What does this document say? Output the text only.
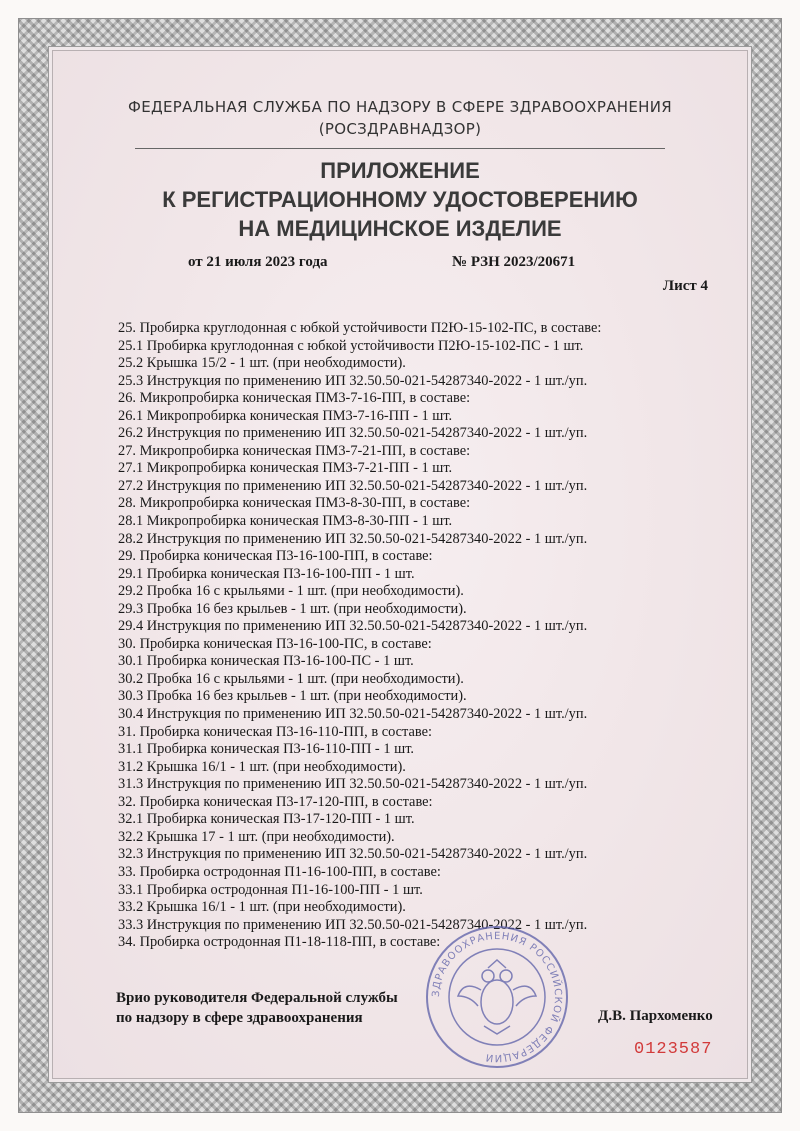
ФЕДЕРАЛЬНАЯ СЛУЖБА ПО НАДЗОРУ В СФЕРЕ ЗДРАВООХРАНЕНИЯ
(РОСЗДРАВНАДЗОР)
ПРИЛОЖЕНИЕ
К РЕГИСТРАЦИОННОМУ УДОСТОВЕРЕНИЮ
НА МЕДИЦИНСКОЕ ИЗДЕЛИЕ
от 21 июля 2023 года	№ РЗН 2023/20671
Лист 4
25. Пробирка круглодонная с юбкой устойчивости П2Ю-15-102-ПС, в составе:
25.1 Пробирка круглодонная с юбкой устойчивости П2Ю-15-102-ПС - 1 шт.
25.2 Крышка 15/2 - 1 шт. (при необходимости).
25.3 Инструкция по применению ИП 32.50.50-021-54287340-2022 - 1 шт./уп.
26. Микропробирка коническая ПМ3-7-16-ПП, в составе:
26.1 Микропробирка коническая ПМ3-7-16-ПП - 1 шт.
26.2 Инструкция по применению ИП 32.50.50-021-54287340-2022 - 1 шт./уп.
27. Микропробирка коническая ПМ3-7-21-ПП, в составе:
27.1 Микропробирка коническая ПМ3-7-21-ПП - 1 шт.
27.2 Инструкция по применению ИП 32.50.50-021-54287340-2022 - 1 шт./уп.
28. Микропробирка коническая ПМ3-8-30-ПП, в составе:
28.1 Микропробирка коническая ПМ3-8-30-ПП - 1 шт.
28.2 Инструкция по применению ИП 32.50.50-021-54287340-2022 - 1 шт./уп.
29. Пробирка коническая П3-16-100-ПП, в составе:
29.1 Пробирка коническая П3-16-100-ПП - 1 шт.
29.2 Пробка 16 с крыльями - 1 шт. (при необходимости).
29.3 Пробка 16 без крыльев - 1 шт. (при необходимости).
29.4 Инструкция по применению ИП 32.50.50-021-54287340-2022 - 1 шт./уп.
30. Пробирка коническая П3-16-100-ПС, в составе:
30.1 Пробирка коническая П3-16-100-ПС - 1 шт.
30.2 Пробка 16 с крыльями - 1 шт. (при необходимости).
30.3 Пробка 16 без крыльев - 1 шт. (при необходимости).
30.4 Инструкция по применению ИП 32.50.50-021-54287340-2022 - 1 шт./уп.
31. Пробирка коническая П3-16-110-ПП, в составе:
31.1 Пробирка коническая П3-16-110-ПП - 1 шт.
31.2 Крышка 16/1 - 1 шт. (при необходимости).
31.3 Инструкция по применению ИП 32.50.50-021-54287340-2022 - 1 шт./уп.
32. Пробирка коническая П3-17-120-ПП, в составе:
32.1 Пробирка коническая П3-17-120-ПП - 1 шт.
32.2 Крышка 17 - 1 шт. (при необходимости).
32.3 Инструкция по применению ИП 32.50.50-021-54287340-2022 - 1 шт./уп.
33. Пробирка остродонная П1-16-100-ПП, в составе:
33.1 Пробирка остродонная П1-16-100-ПП - 1 шт.
33.2 Крышка 16/1 - 1 шт. (при необходимости).
33.3 Инструкция по применению ИП 32.50.50-021-54287340-2022 - 1 шт./уп.
34. Пробирка остродонная П1-18-118-ПП, в составе:
ЗДРАВООХРАНЕНИЯ РОССИЙСКОЙ ФЕДЕРАЦИИ
Врио руководителя Федеральной службы
по надзору в сфере здравоохранения	Д.В. Пархоменко
0123587
